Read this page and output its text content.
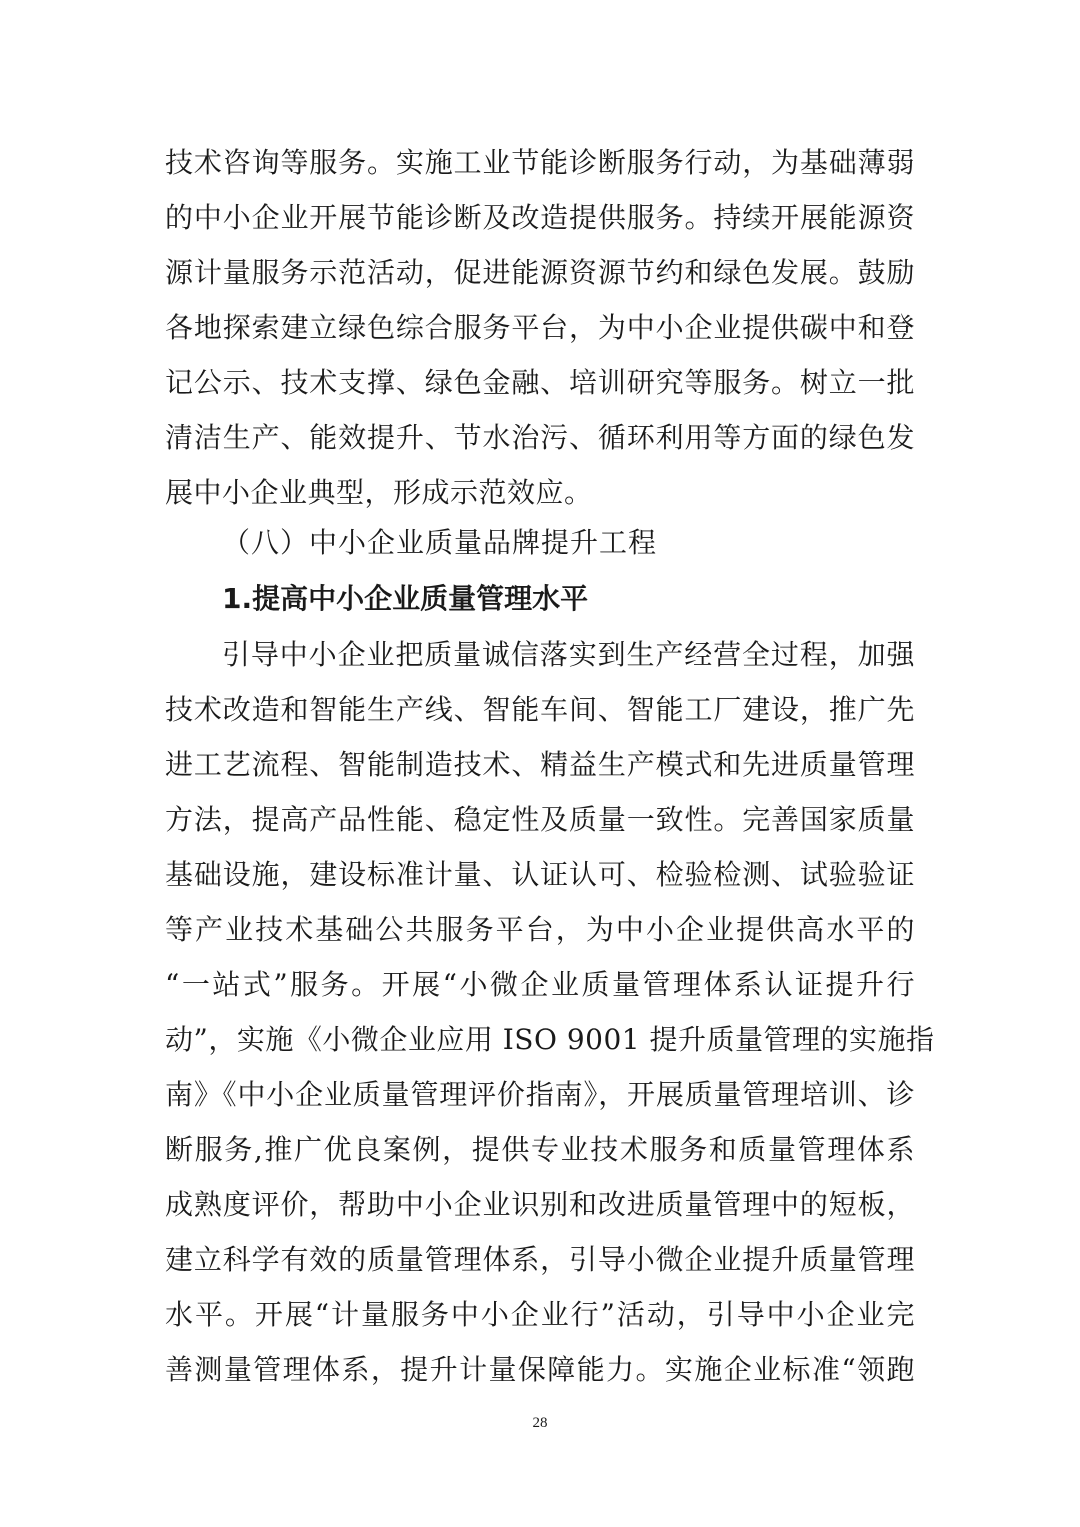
技术咨询等服务。实施工业节能诊断服务行动，为基础薄弱
的中小企业开展节能诊断及改造提供服务。持续开展能源资
源计量服务示范活动，促进能源资源节约和绿色发展。鼓励
各地探索建立绿色综合服务平台，为中小企业提供碳中和登
记公示、技术支撑、绿色金融、培训研究等服务。树立一批
清洁生产、能效提升、节水治污、循环利用等方面的绿色发
展中小企业典型，形成示范效应。
（八）中小企业质量品牌提升工程
1.提高中小企业质量管理水平
引导中小企业把质量诚信落实到生产经营全过程，加强
技术改造和智能生产线、智能车间、智能工厂建设，推广先
进工艺流程、智能制造技术、精益生产模式和先进质量管理
方法，提高产品性能、稳定性及质量一致性。完善国家质量
基础设施，建设标准计量、认证认可、检验检测、试验验证
等产业技术基础公共服务平台，为中小企业提供高水平的
“一站式”服务。开展“小微企业质量管理体系认证提升行
动”，实施《小微企业应用 ISO 9001 提升质量管理的实施指
南》《中小企业质量管理评价指南》，开展质量管理培训、诊
断服务,推广优良案例，提供专业技术服务和质量管理体系
成熟度评价，帮助中小企业识别和改进质量管理中的短板，
建立科学有效的质量管理体系，引导小微企业提升质量管理
水平。开展“计量服务中小企业行”活动，引导中小企业完
善测量管理体系，提升计量保障能力。实施企业标准“领跑
28
